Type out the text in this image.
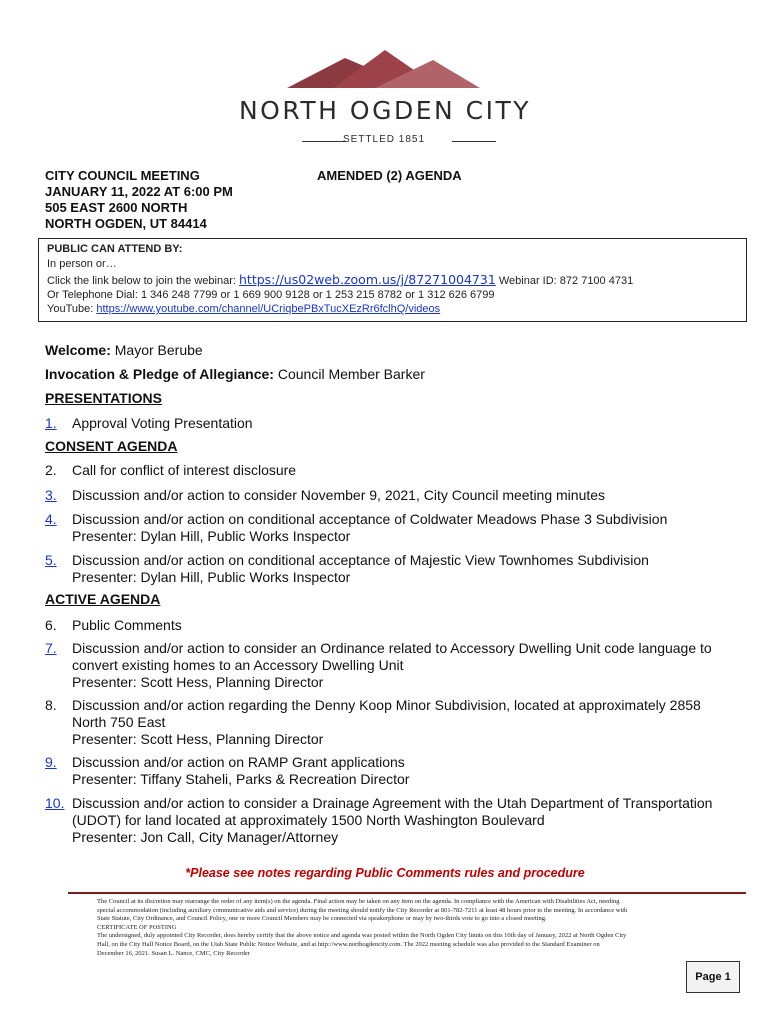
NORTH OGDEN CITY
SETTLED 1851
CITY COUNCIL MEETING
JANUARY 11, 2022 AT 6:00 PM
505 EAST 2600 NORTH
NORTH OGDEN, UT 84414
AMENDED (2) AGENDA
PUBLIC CAN ATTEND BY:
In person or…
Click the link below to join the webinar: https://us02web.zoom.us/j/87271004731 Webinar ID: 872 7100 4731
Or Telephone Dial: 1 346 248 7799 or 1 669 900 9128 or 1 253 215 8782 or 1 312 626 6799
YouTube: https://www.youtube.com/channel/UCriqbePBxTucXEzRr6fclhQ/videos
Welcome: Mayor Berube
Invocation & Pledge of Allegiance: Council Member Barker
PRESENTATIONS
CONSENT AGENDA
ACTIVE AGENDA
1. Approval Voting Presentation
2. Call for conflict of interest disclosure
3. Discussion and/or action to consider November 9, 2021, City Council meeting minutes
4. Discussion and/or action on conditional acceptance of Coldwater Meadows Phase 3 Subdivision
Presenter: Dylan Hill, Public Works Inspector
5. Discussion and/or action on conditional acceptance of Majestic View Townhomes Subdivision
Presenter: Dylan Hill, Public Works Inspector
6. Public Comments
7. Discussion and/or action to consider an Ordinance related to Accessory Dwelling Unit code language to
convert existing homes to an Accessory Dwelling Unit
Presenter: Scott Hess, Planning Director
8. Discussion and/or action regarding the Denny Koop Minor Subdivision, located at approximately 2858
North 750 East
Presenter: Scott Hess, Planning Director
9. Discussion and/or action on RAMP Grant applications
Presenter: Tiffany Staheli, Parks & Recreation Director
10. Discussion and/or action to consider a Drainage Agreement with the Utah Department of Transportation
(UDOT) for land located at approximately 1500 North Washington Boulevard
Presenter: Jon Call, City Manager/Attorney
*Please see notes regarding Public Comments rules and procedure
The Council at its discretion may rearrange the order of any item(s) on the agenda. Final action may be taken on any item on the agenda. In compliance with the American with Disabilities Act, needing
special accommodation (including auxiliary communicative aids and service) during the meeting should notify the City Recorder at 801-782-7211 at least 48 hours prior to the meeting. In accordance with
State Statute, City Ordinance, and Council Policy, one or more Council Members may be connected via speakerphone or may by two-thirds vote to go into a closed meeting.
CERTIFICATE OF POSTING
The undersigned, duly appointed City Recorder, does hereby certify that the above notice and agenda was posted within the North Ogden City limits on this 10th day of January, 2022 at North Ogden City
Hall, on the City Hall Notice Board, on the Utah State Public Notice Website, and at http://www.northogdencity.com. The 2022 meeting schedule was also provided to the Standard Examiner on
December 16, 2021. Susan L. Nance, CMC, City Recorder
Page 1
